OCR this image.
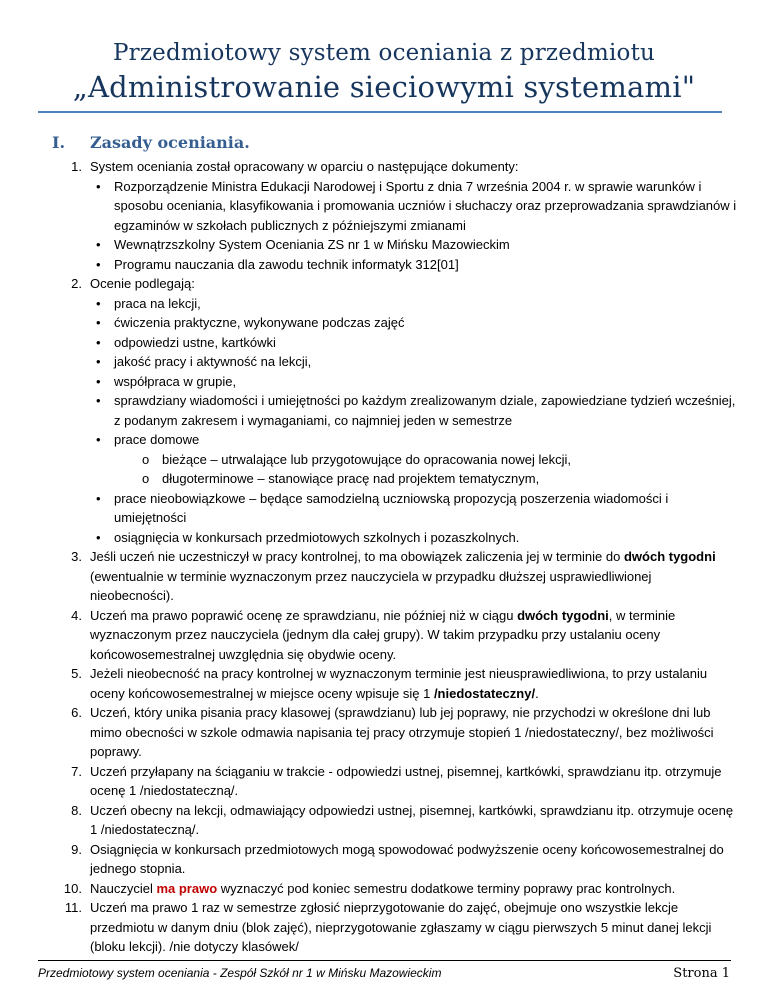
Przedmiotowy system oceniania z przedmiotu
„Administrowanie sieciowymi systemami"
I. Zasady oceniania.
1. System oceniania został opracowany w oparciu o następujące dokumenty:
• Rozporządzenie Ministra Edukacji Narodowej i Sportu z dnia 7 września 2004 r. w sprawie warunków i sposobu oceniania, klasyfikowania i promowania uczniów i słuchaczy oraz przeprowadzania sprawdzianów i egzaminów w szkołach publicznych z późniejszymi zmianami
• Wewnątrzszkolny System Oceniania ZS nr 1 w Mińsku Mazowieckim
• Programu nauczania dla zawodu technik informatyk 312[01]
2. Ocenie podlegają:
• praca na lekcji,
• ćwiczenia praktyczne, wykonywane podczas zajęć
• odpowiedzi ustne, kartkówki
• jakość pracy i aktywność na lekcji,
• współpraca w grupie,
• sprawdziany wiadomości i umiejętności po każdym zrealizowanym dziale, zapowiedziane tydzień wcześniej, z podanym zakresem i wymaganiami, co najmniej jeden w semestrze
• prace domowe
o bieżące – utrwalające lub przygotowujące do opracowania nowej lekcji,
o długoterminowe – stanowiące pracę nad projektem tematycznym,
• prace nieobowiązkowe – będące samodzielną uczniowską propozycją poszerzenia wiadomości i umiejętności
• osiągnięcia w konkursach przedmiotowych szkolnych i pozaszkolnych.
3. Jeśli uczeń nie uczestniczył w pracy kontrolnej, to ma obowiązek zaliczenia jej w terminie do dwóch tygodni (ewentualnie w terminie wyznaczonym przez nauczyciela w przypadku dłuższej usprawiedliwionej nieobecności).
4. Uczeń ma prawo poprawić ocenę ze sprawdzianu, nie później niż w ciągu dwóch tygodni, w terminie wyznaczonym przez nauczyciela (jednym dla całej grupy). W takim przypadku przy ustalaniu oceny końcowosemestralnej uwzględnia się obydwie oceny.
5. Jeżeli nieobecność na pracy kontrolnej w wyznaczonym terminie jest nieusprawiedliwiona, to przy ustalaniu oceny końcowosemestralnej w miejsce oceny wpisuje się 1 /niedostateczny/.
6. Uczeń, który unika pisania pracy klasowej (sprawdzianu) lub jej poprawy, nie przychodzi w określone dni lub mimo obecności w szkole odmawia napisania tej pracy otrzymuje stopień 1 /niedostateczny/, bez możliwości poprawy.
7. Uczeń przyłapany na ściąganiu w trakcie - odpowiedzi ustnej, pisemnej, kartkówki, sprawdzianu itp. otrzymuje ocenę 1 /niedostateczną/.
8. Uczeń obecny na lekcji, odmawiający odpowiedzi ustnej, pisemnej, kartkówki, sprawdzianu itp. otrzymuje ocenę 1 /niedostateczną/.
9. Osiągnięcia w konkursach przedmiotowych mogą spowodować podwyższenie oceny końcowosemestralnej do jednego stopnia.
10. Nauczyciel ma prawo wyznaczyć pod koniec semestru dodatkowe terminy poprawy prac kontrolnych.
11. Uczeń ma prawo 1 raz w semestrze zgłosić nieprzygotowanie do zajęć, obejmuje ono wszystkie lekcje przedmiotu w danym dniu (blok zajęć), nieprzygotowanie zgłaszamy w ciągu pierwszych 5 minut danej lekcji (bloku lekcji). /nie dotyczy klasówek/
Przedmiotowy system oceniania - Zespół Szkół nr 1 w Mińsku Mazowieckim	Strona 1
